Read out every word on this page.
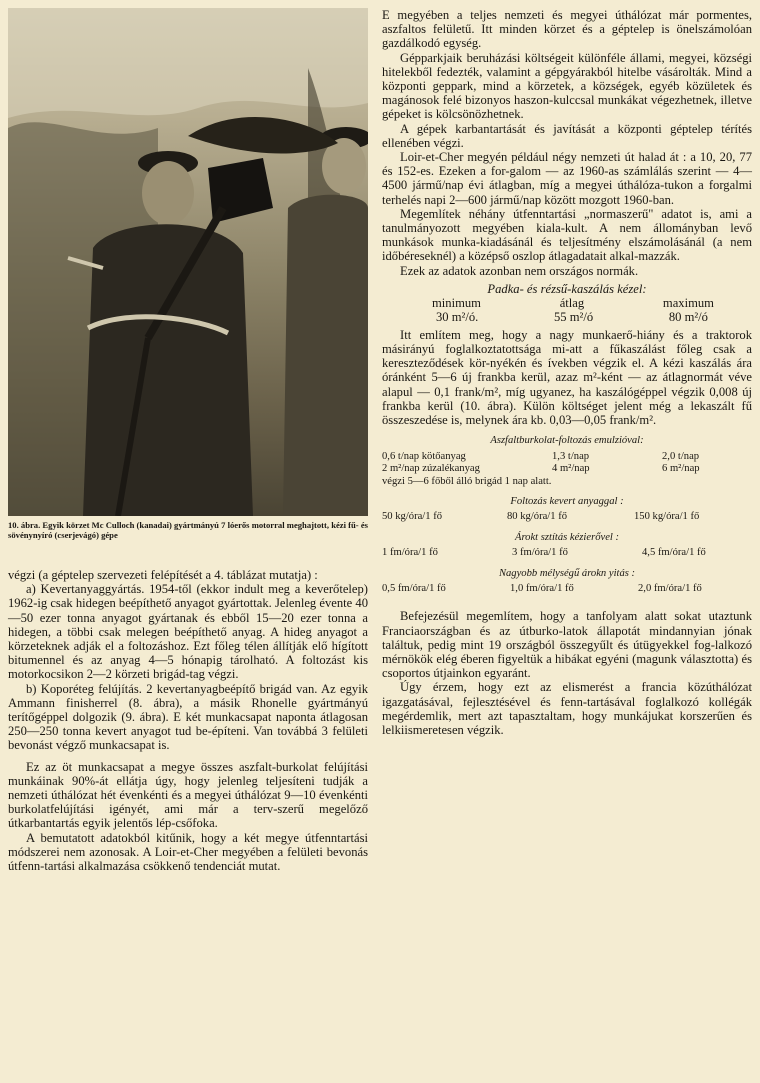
10. ábra. Egyik körzet Mc Culloch (kanadai) gyártmányú 7 lóerős motorral meghajtott, kézi fű- és sövénynyíró (cserjevágó) gépe

végzi (a géptelep szervezeti felépítését a 4. táblázat mutatja) :

a) Kevertanyaggyártás. 1954-től (ekkor indult meg a keverőtelep) 1962-ig csak hidegen beépíthető anyagot gyártottak. Jelenleg évente 40—50 ezer tonna anyagot gyártanak és ebből 15—20 ezer tonna a hidegen, a többi csak melegen beépíthető anyag. A hideg anyagot a körzeteknek adják el a foltozáshoz. Ezt főleg télen állítják elő hígított bitumennel és az anyag 4—5 hónapig tárolható. A foltozást kis motorkocsikon 2—2 körzeti brigád-tag végzi.

b) Koporéteg felújítás. 2 kevertanyagbeépítő brigád van. Az egyik Ammann finisherrel (8. ábra), a másik Rhonelle gyártmányú terítőgéppel dolgozik (9. ábra). E két munkacsapat naponta átlagosan 250—250 tonna kevert anyagot tud be-építeni. Van továbbá 3 felületi bevonást végző munkacsapat is.

Ez az öt munkacsapat a megye összes aszfalt-burkolat felújítási munkáinak 90%-át ellátja úgy, hogy jelenleg teljesíteni tudják a nemzeti úthálózat hét évenkénti és a megyei úthálózat 9—10 évenkénti burkolatfelújítási igényét, ami már a terv-szerű megelőző útkarbantartás egyik jelentős lép-csőfoka.

A bemutatott adatokból kitűnik, hogy a két megye útfenntartási módszerei nem azonosak. A Loir-et-Cher megyében a felületi bevonás útfenn-tartási alkalmazása csökkenő tendenciát mutat.

E megyében a teljes nemzeti és megyei úthálózat már pormentes, aszfaltos felületű. Itt minden körzet és a géptelep is önelszámolóan gazdálkodó egység.

Gépparkjaik beruházási költségeit különféle állami, megyei, községi hitelekből fedezték, valamint a gépgyárakból hitelbe vásárolták. Mind a központi geppark, mind a körzetek, a községek, egyéb közületek és magánosok felé bizonyos haszon-kulccsal munkákat végezhetnek, illetve gépeket is kölcsönözhetnek.

A gépek karbantartását és javítását a központi géptelep térítés ellenében végzi.

Loir-et-Cher megyén például négy nemzeti út halad át : a 10, 20, 77 és 152-es. Ezeken a for-galom — az 1960-as számlálás szerint — 4—4500 jármű/nap évi átlagban, míg a megyei úthálóza-tukon a forgalmi terhelés napi 2—600 jármű/nap között mozgott 1960-ban.

Megemlítek néhány útfenntartási „normaszerű" adatot is, ami a tanulmányozott megyében kiala-kult. A nem állományban levő munkások munka-kiadásánál és teljesítmény elszámolásánál (a nem időbéreseknél) a középső oszlop átlagadatait alkal-mazzák.

Ezek az adatok azonban nem országos normák.

Padka- és rézsű-kaszálás kézel:

minimum	átlag	maximum
30 m²/ó.	55 m²/ó	80 m²/ó

Itt említem meg, hogy a nagy munkaerő-hiány és a traktorok másirányú foglalkoztatottsága mi-att a fűkaszálást főleg csak a kereszteződések kör-nyékén és ívekben végzik el. A kézi kaszálás ára óránként 5—6 új frankba kerül, azaz m²-ként — az átlagnormát véve alapul — 0,1 frank/m², míg ugyanez, ha kaszálógéppel végzik 0,008 új frankba kerül (10. ábra). Külön költséget jelent még a lekaszált fű összeszedése is, melynek ára kb. 0,03—0,05 frank/m².

Aszfaltburkolat-foltozás emulzióval:
0,6 t/nap kötőanyag	1,3 t/nap	2,0 t/nap
2 m²/nap zúzalékanyag	4 m²/nap	6 m²/nap
végzi 5—6 főből álló brigád 1 nap alatt.
Foltozás kevert anyaggal :
50 kg/óra/1 fő	80 kg/óra/1 fő	150 kg/óra/1 fő
Árokt sztítás kézierővel :
1 fm/óra/1 fő	3 fm/óra/1 fő	4,5 fm/óra/1 fő
Nagyobb mélységű árokn yitás :
0,5 fm/óra/1 fő	1,0 fm/óra/1 fő	2,0 fm/óra/1 fő

Befejezésül megemlítem, hogy a tanfolyam alatt sokat utaztunk Franciaországban és az útburko-latok állapotát mindannyian jónak találtuk, pedig mint 19 országból összegyűlt és útügyekkel fog-lalkozó mérnökök elég éberen figyeltük a hibákat egyéni (magunk választotta) és csoportos útjainkon egyaránt.

Úgy érzem, hogy ezt az elismerést a francia közúthálózat igazgatásával, fejlesztésével és fenn-tartásával foglalkozó kollégák megérdemlik, mert azt tapasztaltam, hogy munkájukat korszerűen és lelkiismeretesen végzik.
